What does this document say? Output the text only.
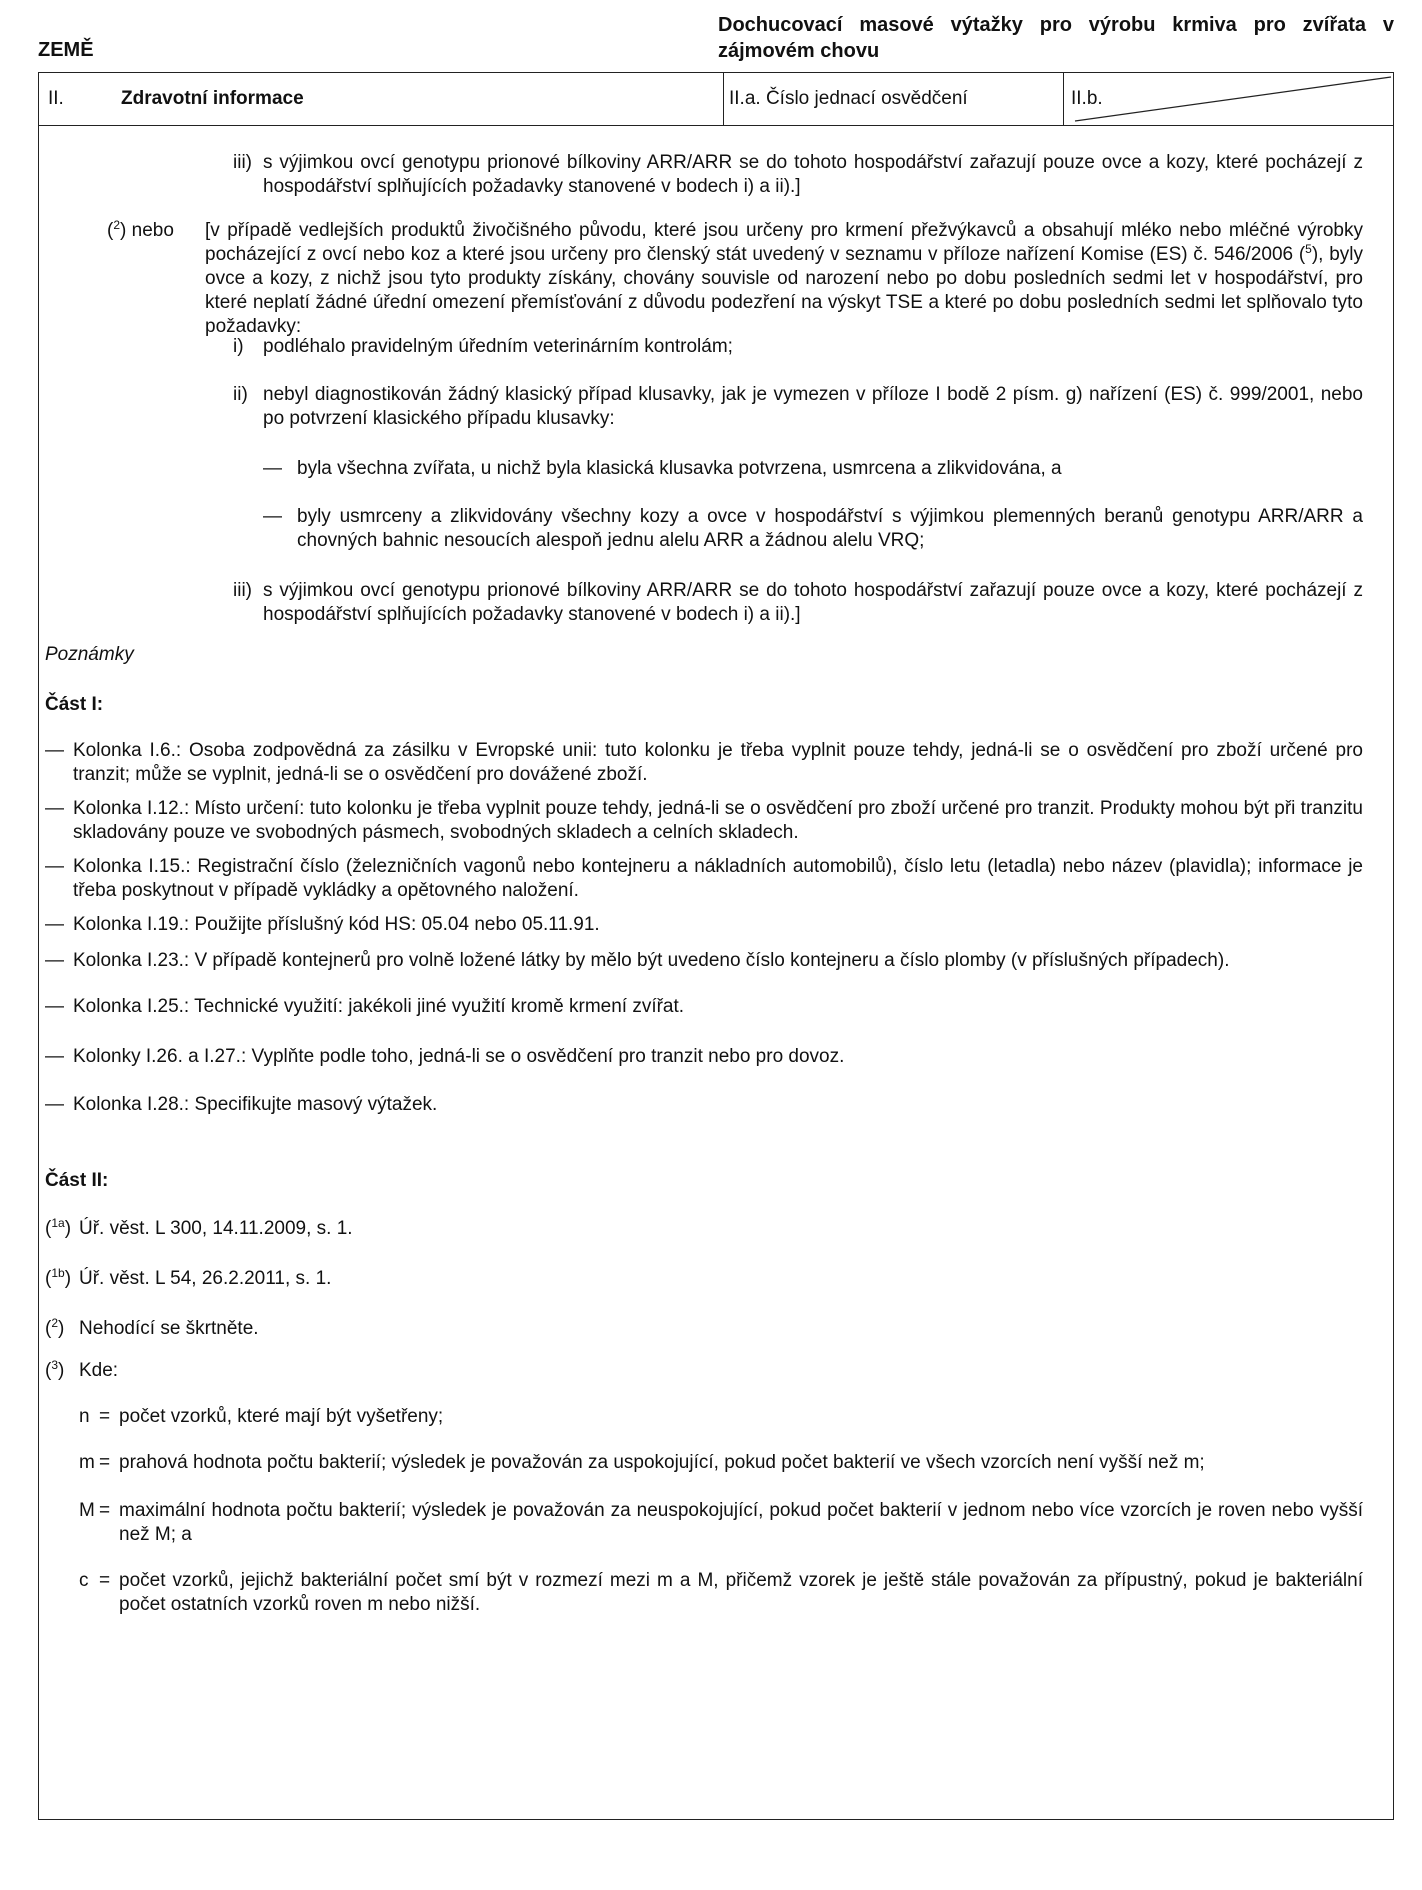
ZEMĚ
Dochucovací masové výtažky pro výrobu krmiva pro zvířata v zájmovém chovu
II.	Zdravotní informace	II.a. Číslo jednací osvědčení	II.b.
iii) s výjimkou ovcí genotypu prionové bílkoviny ARR/ARR se do tohoto hospodářství zařazují pouze ovce a kozy, které pocházejí z hospodářství splňujících požadavky stanovené v bodech i) a ii).]
($^2$) nebo [v případě vedlejších produktů živočišného původu, které jsou určeny pro krmení přežvýkavců a obsahují mléko nebo mléčné výrobky pocházející z ovcí nebo koz a které jsou určeny pro členský stát uvedený v seznamu v příloze nařízení Komise (ES) č. 546/2006 ($^5$), byly ovce a kozy, z nichž jsou tyto produkty získány, chovány souvisle od narození nebo po dobu posledních sedmi let v hospodářství, pro které neplatí žádné úřední omezení přemísťování z důvodu podezření na výskyt TSE a které po dobu posledních sedmi let splňovalo tyto požadavky:
i) podléhalo pravidelným úředním veterinárním kontrolám;
ii) nebyl diagnostikován žádný klasický případ klusavky, jak je vymezen v příloze I bodě 2 písm. g) nařízení (ES) č. 999/2001, nebo po potvrzení klasického případu klusavky:
— byla všechna zvířata, u nichž byla klasická klusavka potvrzena, usmrcena a zlikvidována, a
— byly usmrceny a zlikvidovány všechny kozy a ovce v hospodářství s výjimkou plemenných beranů genotypu ARR/ARR a chovných bahnic nesoucích alespoň jednu alelu ARR a žádnou alelu VRQ;
iii) s výjimkou ovcí genotypu prionové bílkoviny ARR/ARR se do tohoto hospodářství zařazují pouze ovce a kozy, které pocházejí z hospodářství splňujících požadavky stanovené v bodech i) a ii).]
Poznámky
Část I:
— Kolonka I.6.: Osoba zodpovědná za zásilku v Evropské unii: tuto kolonku je třeba vyplnit pouze tehdy, jedná-li se o osvědčení pro zboží určené pro tranzit; může se vyplnit, jedná-li se o osvědčení pro dovážené zboží.
— Kolonka I.12.: Místo určení: tuto kolonku je třeba vyplnit pouze tehdy, jedná-li se o osvědčení pro zboží určené pro tranzit. Produkty mohou být při tranzitu skladovány pouze ve svobodných pásmech, svobodných skladech a celních skladech.
— Kolonka I.15.: Registrační číslo (železničních vagonů nebo kontejneru a nákladních automobilů), číslo letu (letadla) nebo název (plavidla); informace je třeba poskytnout v případě vykládky a opětovného naložení.
— Kolonka I.19.: Použijte příslušný kód HS: 05.04 nebo 05.11.91.
— Kolonka I.23.: V případě kontejnerů pro volně ložené látky by mělo být uvedeno číslo kontejneru a číslo plomby (v příslušných případech).
— Kolonka I.25.: Technické využití: jakékoli jiné využití kromě krmení zvířat.
— Kolonky I.26. a I.27.: Vyplňte podle toho, jedná-li se o osvědčení pro tranzit nebo pro dovoz.
— Kolonka I.28.: Specifikujte masový výtažek.
Část II:
($^{1a}$) Úř. věst. L 300, 14.11.2009, s. 1.
($^{1b}$) Úř. věst. L 54, 26.2.2011, s. 1.
($^2$) Nehodící se škrtněte.
($^3$) Kde:
n = počet vzorků, které mají být vyšetřeny;
m = prahová hodnota počtu bakterií; výsledek je považován za uspokojující, pokud počet bakterií ve všech vzorcích není vyšší než m;
M = maximální hodnota počtu bakterií; výsledek je považován za neuspokojující, pokud počet bakterií v jednom nebo více vzorcích je roven nebo vyšší než M; a
c = počet vzorků, jejichž bakteriální počet smí být v rozmezí mezi m a M, přičemž vzorek je ještě stále považován za přípustný, pokud je bakteriální počet ostatních vzorků roven m nebo nižší.
